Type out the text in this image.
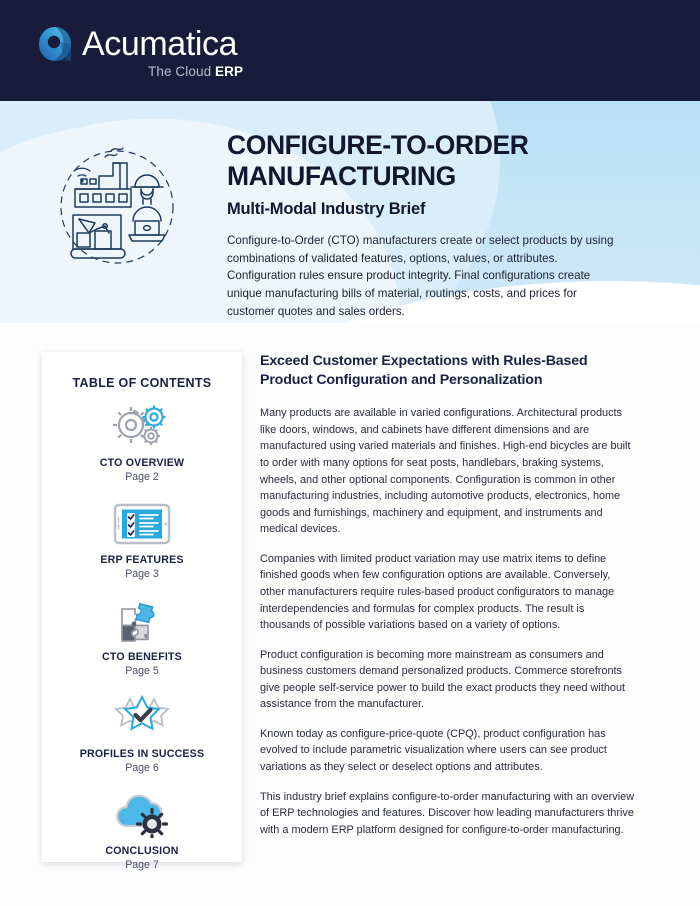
Acumatica
The Cloud ERP
CONFIGURE-TO-ORDER MANUFACTURING
Multi-Modal Industry Brief
Configure-to-Order (CTO) manufacturers create or select products by using combinations of validated features, options, values, or attributes. Configuration rules ensure product integrity. Final configurations create unique manufacturing bills of material, routings, costs, and prices for customer quotes and sales orders.
TABLE OF CONTENTS
CTO OVERVIEW
Page 2
ERP FEATURES
Page 3
CTO BENEFITS
Page 5
PROFILES IN SUCCESS
Page 6
CONCLUSION
Page 7
Exceed Customer Expectations with Rules-Based Product Configuration and Personalization

Many products are available in varied configurations. Architectural products like doors, windows, and cabinets have different dimensions and are manufactured using varied materials and finishes. High-end bicycles are built to order with many options for seat posts, handlebars, braking systems, wheels, and other optional components. Configuration is common in other manufacturing industries, including automotive products, electronics, home goods and furnishings, machinery and equipment, and instruments and medical devices.

Companies with limited product variation may use matrix items to define finished goods when few configuration options are available. Conversely, other manufacturers require rules-based product configurators to manage interdependencies and formulas for complex products. The result is thousands of possible variations based on a variety of options.

Product configuration is becoming more mainstream as consumers and business customers demand personalized products. Commerce storefronts give people self-service power to build the exact products they need without assistance from the manufacturer.

Known today as configure-price-quote (CPQ), product configuration has evolved to include parametric visualization where users can see product variations as they select or deselect options and attributes.

This industry brief explains configure-to-order manufacturing with an overview of ERP technologies and features. Discover how leading manufacturers thrive with a modern ERP platform designed for configure-to-order manufacturing.
